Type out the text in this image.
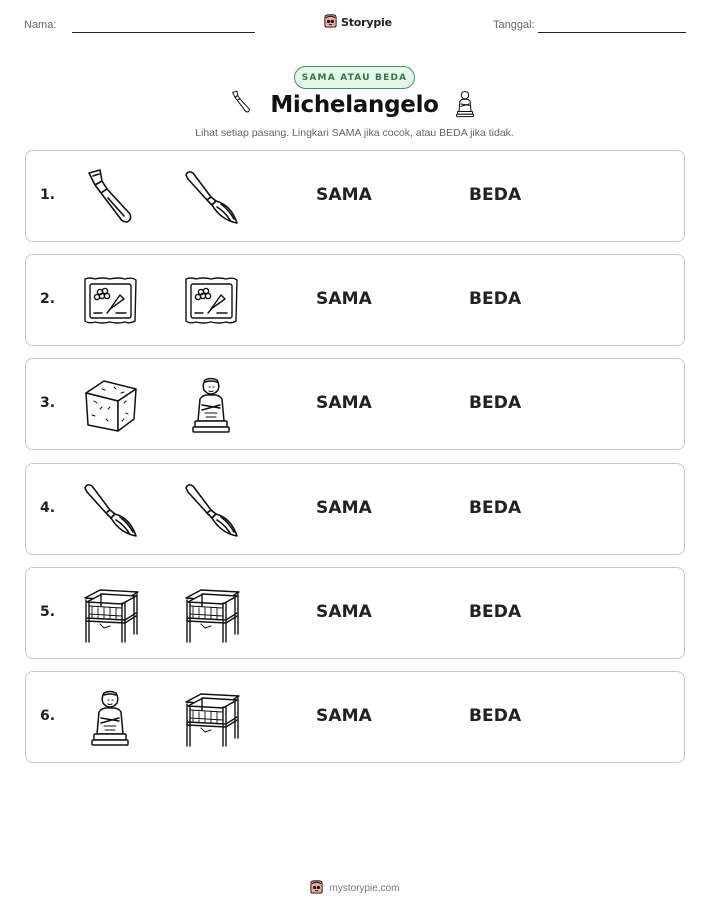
Nama:	Storypie	Tanggal:
SAMA ATAU BEDA
Michelangelo
Lihat setiap pasang. Lingkari SAMA jika cocok, atau BEDA jika tidak.
1.	SAMA	BEDA
2.	SAMA	BEDA
3.	SAMA	BEDA
4.	SAMA	BEDA
5.	SAMA	BEDA
6.	SAMA	BEDA
mystorypie.com
